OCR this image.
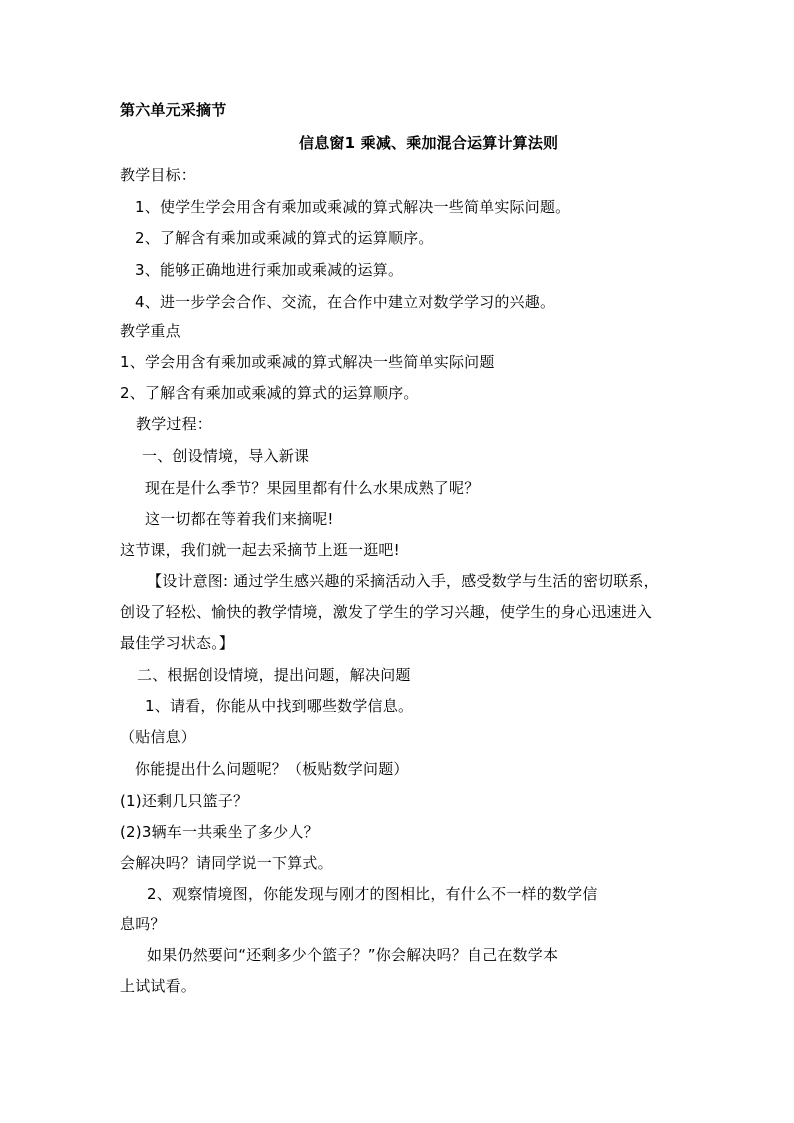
第六单元采摘节
信息窗1 乘减、乘加混合运算计算法则
教学目标：
1、使学生学会用含有乘加或乘减的算式解决一些简单实际问题。
2、了解含有乘加或乘减的算式的运算顺序。
3、能够正确地进行乘加或乘减的运算。
4、进一步学会合作、交流，在合作中建立对数学学习的兴趣。
教学重点
1、学会用含有乘加或乘减的算式解决一些简单实际问题
2、了解含有乘加或乘减的算式的运算顺序。
教学过程：
一、创设情境，导入新课
现在是什么季节？果园里都有什么水果成熟了呢？
这一切都在等着我们来摘呢!
这节课，我们就一起去采摘节上逛一逛吧!
【设计意图: 通过学生感兴趣的采摘活动入手，感受数学与生活的密切联系，
创设了轻松、愉快的教学情境，激发了学生的学习兴趣，使学生的身心迅速进入
最佳学习状态。】
二、根据创设情境，提出问题，解决问题
1、请看，你能从中找到哪些数学信息。
（贴信息）
你能提出什么问题呢？（板贴数学问题）
(1)还剩几只篮子？
(2)3辆车一共乘坐了多少人？
会解决吗？请同学说一下算式。
2、观察情境图，你能发现与刚才的图相比，有什么不一样的数学信
息吗？
如果仍然要问“还剩多少个篮子？”你会解决吗？自己在数学本
上试试看。
